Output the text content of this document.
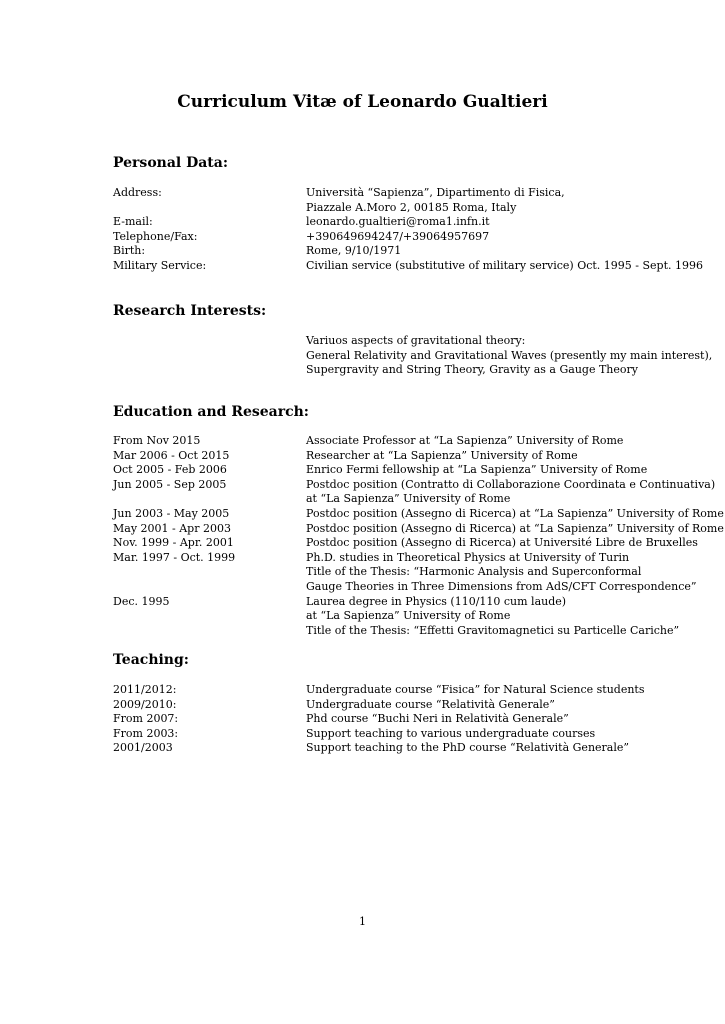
Curriculum Vitæ of Leonardo Gualtieri
Personal Data:
Address:	Università “Sapienza”, Dipartimento di Fisica,
Piazzale A.Moro 2, 00185 Roma, Italy
E-mail:	leonardo.gualtieri@roma1.infn.it
Telephone/Fax:	+390649694247/+39064957697
Birth:	Rome, 9/10/1971
Military Service:	Civilian service (substitutive of military service) Oct. 1995 - Sept. 1996
Research Interests:
Variuos aspects of gravitational theory:
General Relativity and Gravitational Waves (presently my main interest),
Supergravity and String Theory, Gravity as a Gauge Theory
Education and Research:
From Nov 2015	Associate Professor at “La Sapienza” University of Rome
Mar 2006 - Oct 2015	Researcher at “La Sapienza” University of Rome
Oct 2005 - Feb 2006	Enrico Fermi fellowship at “La Sapienza” University of Rome
Jun 2005 - Sep 2005	Postdoc position (Contratto di Collaborazione Coordinata e Continuativa)
at “La Sapienza” University of Rome
Jun 2003 - May 2005	Postdoc position (Assegno di Ricerca) at “La Sapienza” University of Rome
May 2001 - Apr 2003	Postdoc position (Assegno di Ricerca) at “La Sapienza” University of Rome
Nov. 1999 - Apr. 2001	Postdoc position (Assegno di Ricerca) at Université Libre de Bruxelles
Mar. 1997 - Oct. 1999	Ph.D. studies in Theoretical Physics at University of Turin
Title of the Thesis: “Harmonic Analysis and Superconformal
Gauge Theories in Three Dimensions from AdS/CFT Correspondence”
Dec. 1995	Laurea degree in Physics (110/110 cum laude)
at “La Sapienza” University of Rome
Title of the Thesis: “Effetti Gravitomagnetici su Particelle Cariche”
Teaching:
2011/2012:	Undergraduate course “Fisica” for Natural Science students
2009/2010:	Undergraduate course “Relatività Generale”
From 2007:	Phd course “Buchi Neri in Relatività Generale”
From 2003:	Support teaching to various undergraduate courses
2001/2003	Support teaching to the PhD course “Relatività Generale”
1
